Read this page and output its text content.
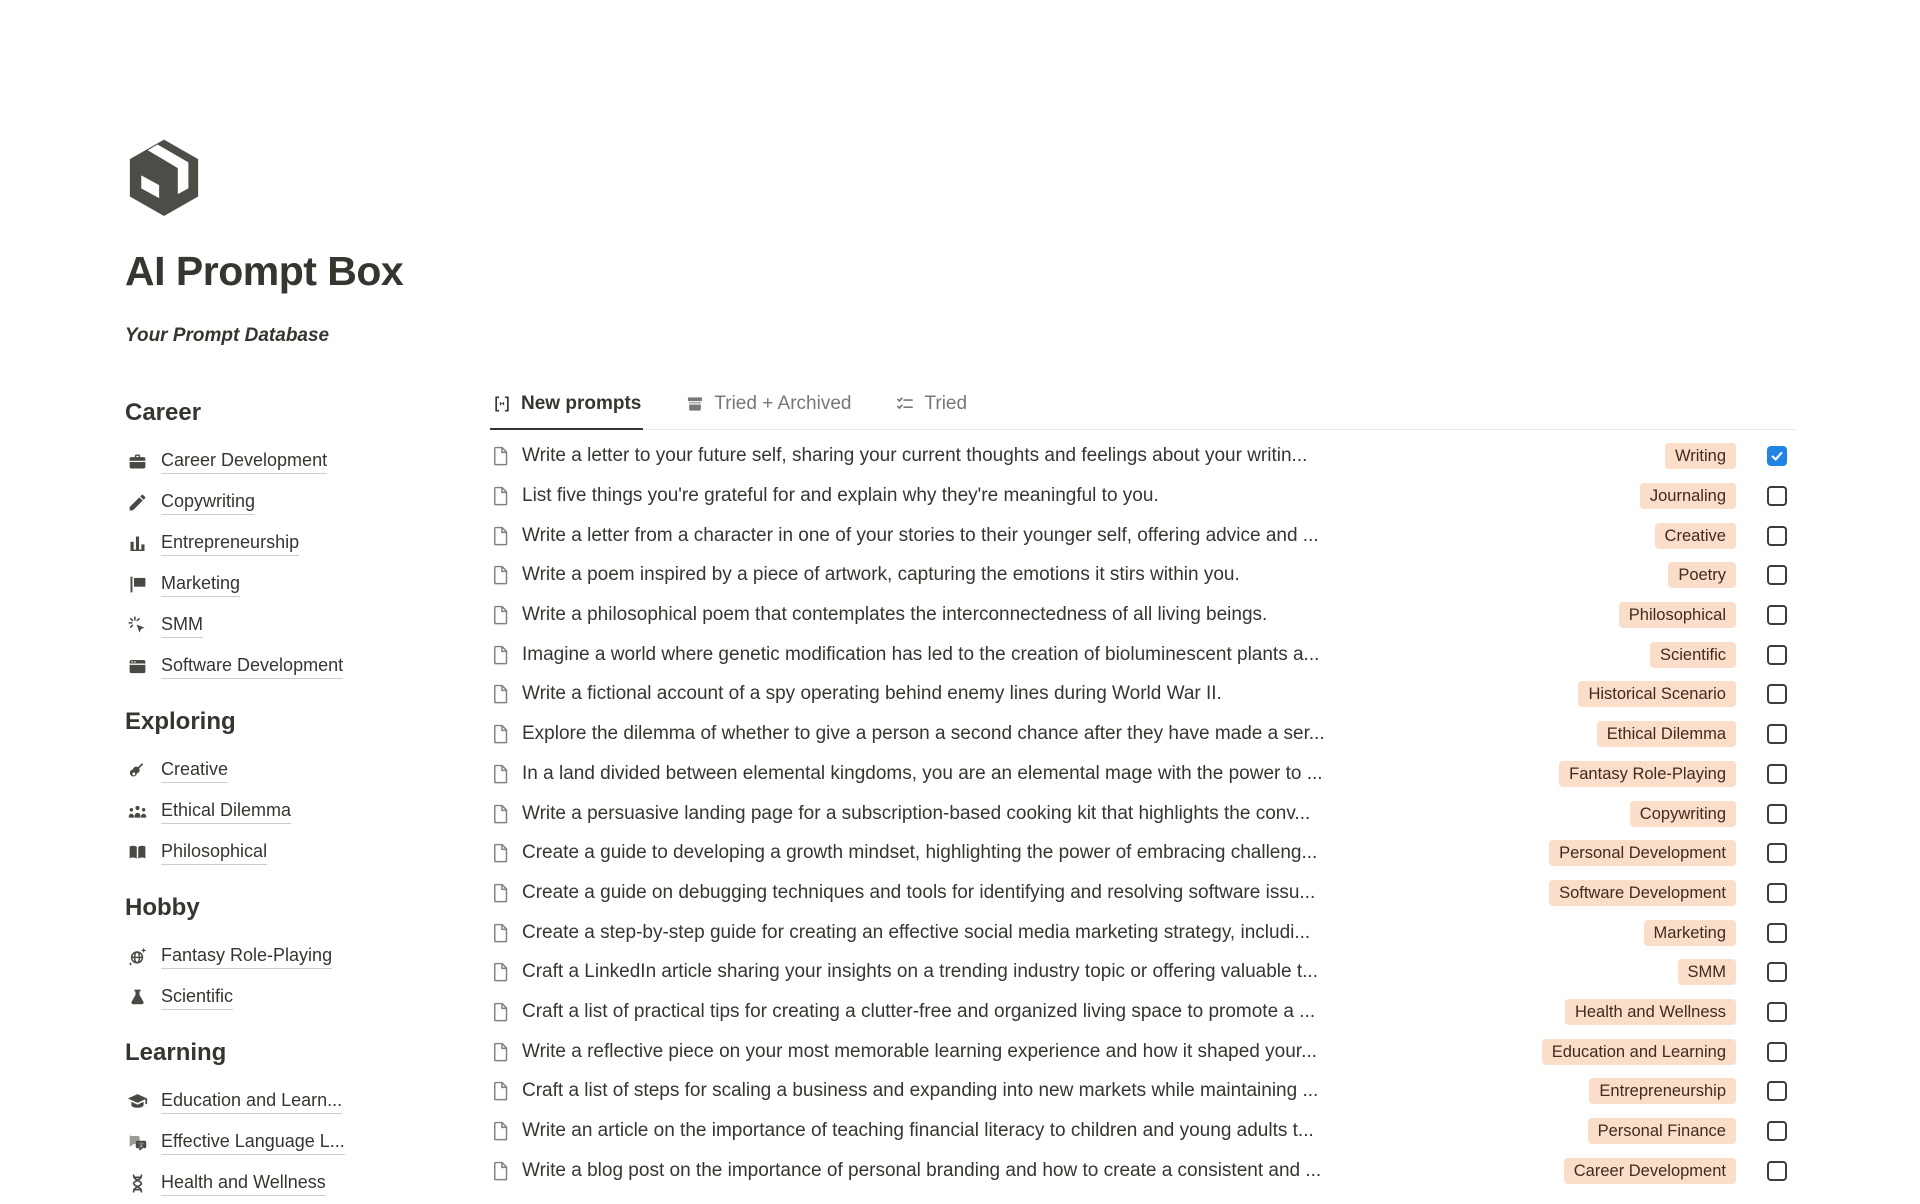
AI Prompt Box
Your Prompt Database
Career
Career Development
Copywriting
Entrepreneurship
Marketing
SMM
Software Development
Exploring
Creative
Ethical Dilemma
Philosophical
Hobby
Fantasy Role-Playing
Scientific
Learning
Education and Learn...
文 Effective Language L...
Health and Wellness
New prompts	Tried + Archived	Tried
Write a letter to your future self, sharing your current thoughts and feelings about your writin...	Writing
List five things you're grateful for and explain why they're meaningful to you.	Journaling
Write a letter from a character in one of your stories to their younger self, offering advice and ...	Creative
Write a poem inspired by a piece of artwork, capturing the emotions it stirs within you.	Poetry
Write a philosophical poem that contemplates the interconnectedness of all living beings.	Philosophical
Imagine a world where genetic modification has led to the creation of bioluminescent plants a...	Scientific
Write a fictional account of a spy operating behind enemy lines during World War II.	Historical Scenario
Explore the dilemma of whether to give a person a second chance after they have made a ser...	Ethical Dilemma
In a land divided between elemental kingdoms, you are an elemental mage with the power to ...	Fantasy Role-Playing
Write a persuasive landing page for a subscription-based cooking kit that highlights the conv...	Copywriting
Create a guide to developing a growth mindset, highlighting the power of embracing challeng...	Personal Development
Create a guide on debugging techniques and tools for identifying and resolving software issu...	Software Development
Create a step-by-step guide for creating an effective social media marketing strategy, includi...	Marketing
Craft a LinkedIn article sharing your insights on a trending industry topic or offering valuable t...	SMM
Craft a list of practical tips for creating a clutter-free and organized living space to promote a ...	Health and Wellness
Write a reflective piece on your most memorable learning experience and how it shaped your...	Education and Learning
Craft a list of steps for scaling a business and expanding into new markets while maintaining ...	Entrepreneurship
Write an article on the importance of teaching financial literacy to children and young adults t...	Personal Finance
Write a blog post on the importance of personal branding and how to create a consistent and ...	Career Development
